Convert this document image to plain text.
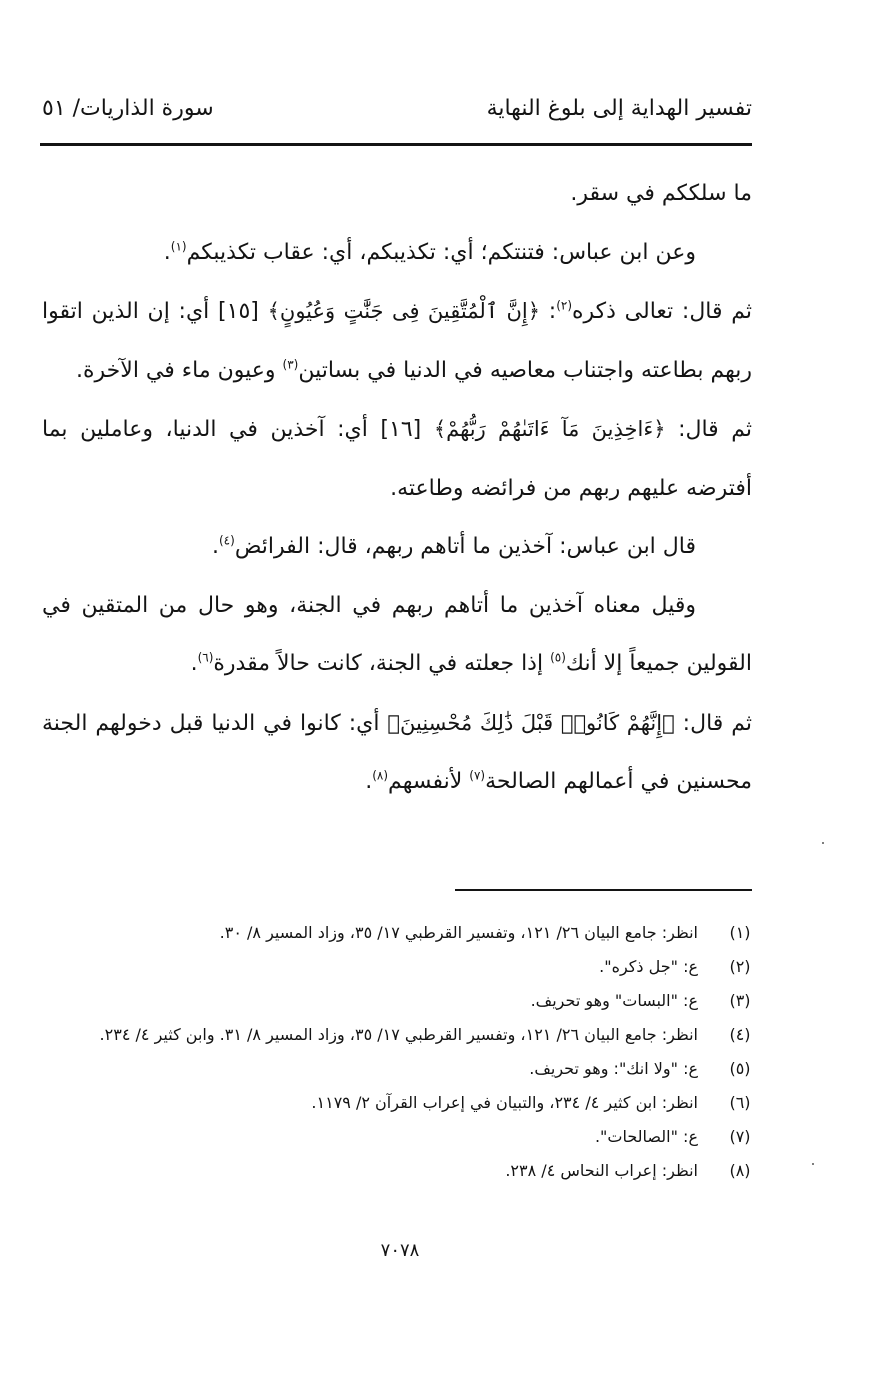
تفسير الهداية إلى بلوغ النهاية
سورة الذاريات/ ٥١

ما سلككم في سقر.

وعن ابن عباس: فتنتكم؛ أي: تكذيبكم، أي: عقاب تكذيبكم$^{(١)}$.

ثم قال: تعالى ذكره$^{(٢)}$: ﴿إِنَّ ٱلْمُتَّقِينَ فِى جَنَّٰتٍ وَعُيُونٍ﴾ [١٥] أي: إن الذين اتقوا ربهم بطاعته واجتناب معاصيه في الدنيا في بساتين$^{(٣)}$ وعيون ماء في الآخرة.

ثم قال: ﴿ءَاخِذِينَ مَآ ءَاتَىٰهُمْ رَبُّهُمْ﴾ [١٦] أي: آخذين في الدنيا، وعاملين بما أفترضه عليهم ربهم من فرائضه وطاعته.

قال ابن عباس: آخذين ما أتاهم ربهم، قال: الفرائض$^{(٤)}$.

وقيل معناه آخذين ما أتاهم ربهم في الجنة، وهو حال من المتقين في القولين جميعاً إلا أنك$^{(٥)}$ إذا جعلته في الجنة، كانت حالاً مقدرة$^{(٦)}$.

ثم قال: ﴿إِنَّهُمْ كَانُوا۟ قَبْلَ ذَٰلِكَ مُحْسِنِينَ﴾ أي: كانوا في الدنيا قبل دخولهم الجنة محسنين في أعمالهم الصالحة$^{(٧)}$ لأنفسهم$^{(٨)}$.

(١)
انظر: جامع البيان ٢٦/ ١٢١، وتفسير القرطبي ١٧/ ٣٥، وزاد المسير ٨/ ٣٠.
(٢)
ع: "جل ذكره".
(٣)
ع: "البسات" وهو تحريف.
(٤)
انظر: جامع البيان ٢٦/ ١٢١، وتفسير القرطبي ١٧/ ٣٥، وزاد المسير ٨/ ٣١. وابن كثير ٤/ ٢٣٤.
(٥)
ع: "ولا انك": وهو تحريف.
(٦)
انظر: ابن كثير ٤/ ٢٣٤، والتبيان في إعراب القرآن ٢/ ١١٧٩.
(٧)
ع: "الصالحات".
(٨)
انظر: إعراب النحاس ٤/ ٢٣٨.
٧٠٧٨
